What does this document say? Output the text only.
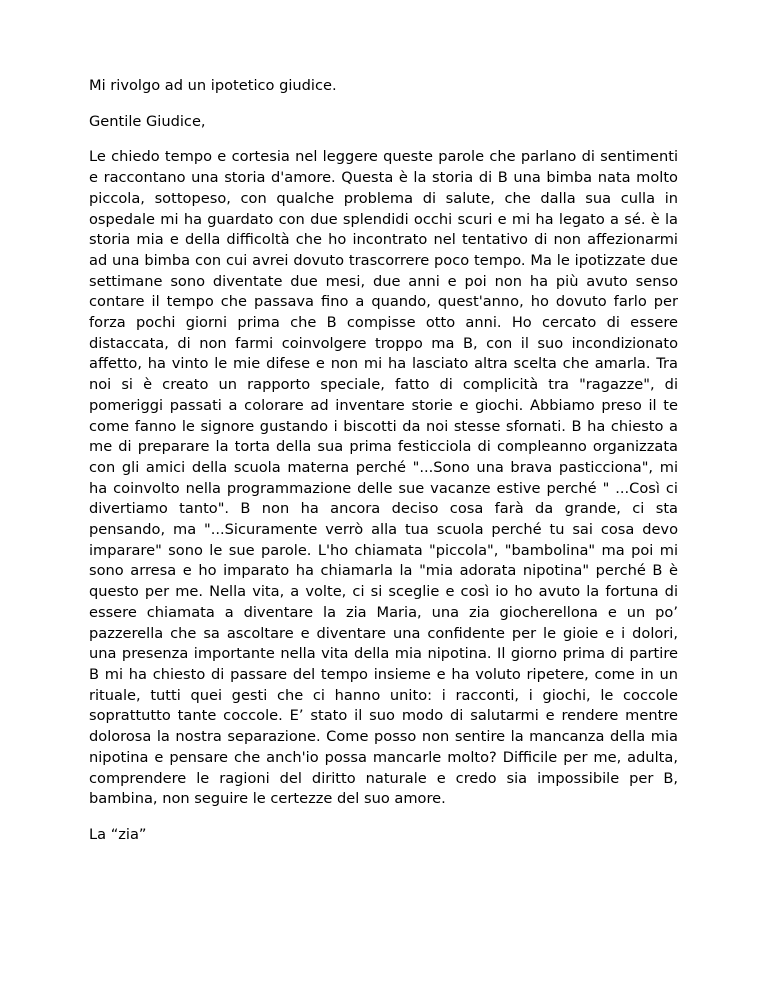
Mi rivolgo ad un ipotetico giudice.

Gentile Giudice,

Le chiedo tempo e cortesia nel leggere queste parole che parlano di sentimenti e raccontano una storia d'amore. Questa è la storia di B una bimba nata molto piccola, sottopeso, con qualche problema di salute, che dalla sua culla in ospedale mi ha guardato con due splendidi occhi scuri e mi ha legato a sé. è la storia mia e della difficoltà che ho incontrato nel tentativo di non affezionarmi ad una bimba con cui avrei dovuto trascorrere poco tempo. Ma le ipotizzate due settimane sono diventate due mesi, due anni e poi non ha più avuto senso contare il tempo che passava fino a quando, quest'anno, ho dovuto farlo per forza pochi giorni prima che B compisse otto anni. Ho cercato di essere distaccata, di non farmi coinvolgere troppo ma B, con il suo incondizionato affetto, ha vinto le mie difese e non mi ha lasciato altra scelta che amarla. Tra noi si è creato un rapporto speciale, fatto di complicità tra "ragazze", di pomeriggi passati a colorare ad inventare storie e giochi. Abbiamo preso il te come fanno le signore gustando i biscotti da noi stesse sfornati. B ha chiesto a me di preparare la torta della sua prima festicciola di compleanno organizzata con gli amici della scuola materna perché "...Sono una brava pasticciona", mi ha coinvolto nella programmazione delle sue vacanze estive perché " ...Così ci divertiamo tanto". B non ha ancora deciso cosa farà da grande, ci sta pensando, ma "...Sicuramente verrò alla tua scuola perché tu sai cosa devo imparare" sono le sue parole. L'ho chiamata "piccola", "bambolina" ma poi mi sono arresa e ho imparato ha chiamarla la "mia adorata nipotina" perché B è questo per me. Nella vita, a volte, ci si sceglie e così io ho avuto la fortuna di essere chiamata a diventare la zia Maria, una zia giocherellona e un po’ pazzerella che sa ascoltare e diventare una confidente per le gioie e i dolori, una presenza importante nella vita della mia nipotina. Il giorno prima di partire B mi ha chiesto di passare del tempo insieme e ha voluto ripetere, come in un rituale, tutti quei gesti che ci hanno unito: i racconti, i giochi, le coccole soprattutto tante coccole. E’ stato il suo modo di salutarmi e rendere mentre dolorosa la nostra separazione. Come posso non sentire la mancanza della mia nipotina e pensare che anch'io possa mancarle molto? Difficile per me, adulta, comprendere le ragioni del diritto naturale e credo sia impossibile per B, bambina, non seguire le certezze del suo amore.

La “zia”
